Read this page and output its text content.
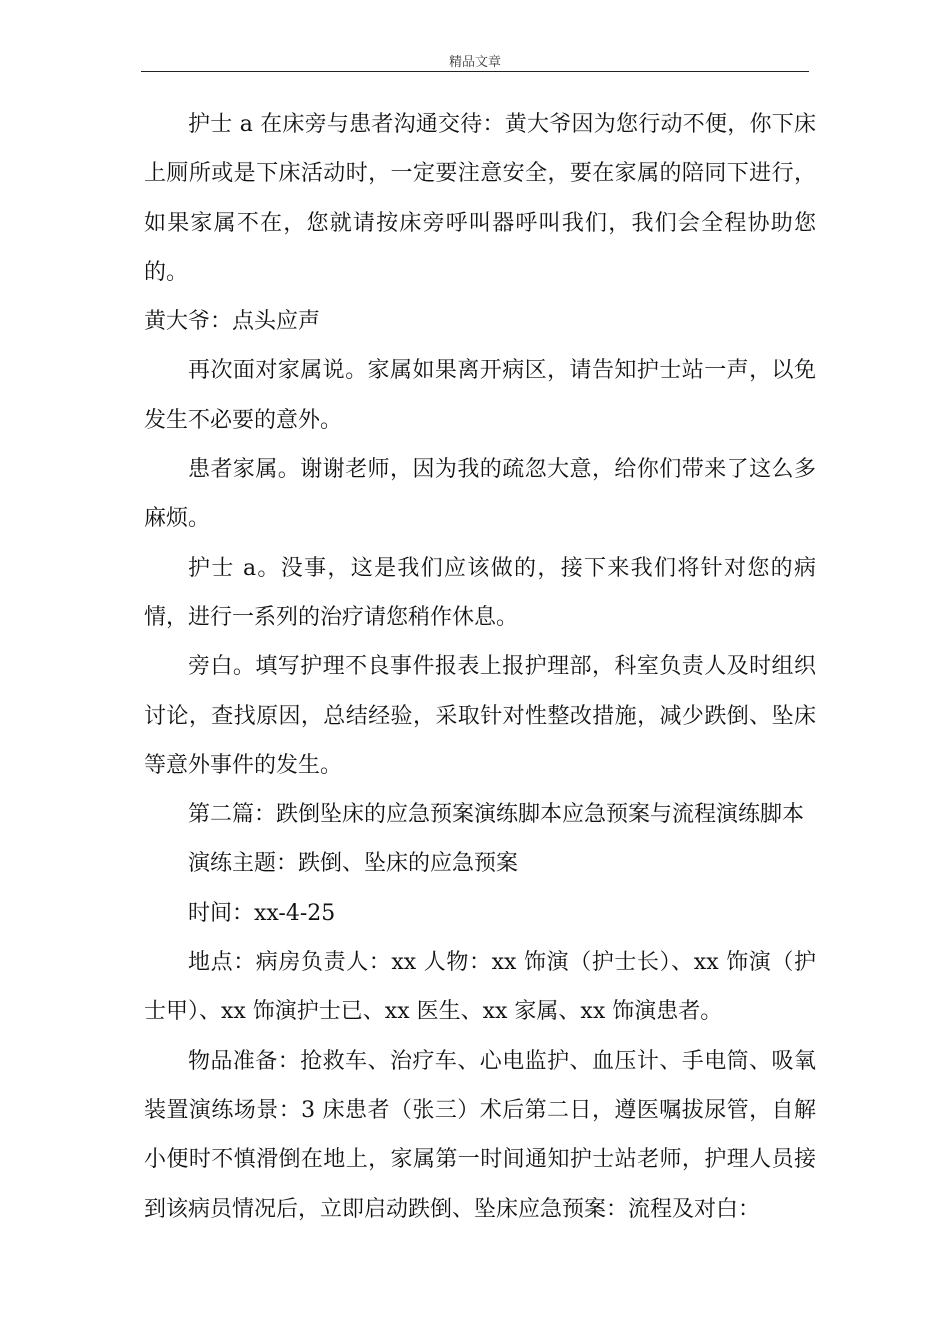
精品文章

护士 a 在床旁与患者沟通交待：黄大爷因为您行动不便，你下床上厕所或是下床活动时，一定要注意安全，要在家属的陪同下进行，如果家属不在，您就请按床旁呼叫器呼叫我们，我们会全程协助您的。

黄大爷：点头应声

再次面对家属说。家属如果离开病区，请告知护士站一声，以免发生不必要的意外。

患者家属。谢谢老师，因为我的疏忽大意，给你们带来了这么多麻烦。

护士 a。没事，这是我们应该做的，接下来我们将针对您的病情，进行一系列的治疗请您稍作休息。

旁白。填写护理不良事件报表上报护理部，科室负责人及时组织讨论，查找原因，总结经验，采取针对性整改措施，减少跌倒、坠床等意外事件的发生。

第二篇：跌倒坠床的应急预案演练脚本应急预案与流程演练脚本

演练主题：跌倒、坠床的应急预案

时间：xx-4-25

地点：病房负责人：xx 人物：xx 饰演（护士长）、xx 饰演（护士甲）、xx 饰演护士已、xx 医生、xx 家属、xx 饰演患者。

物品准备：抢救车、治疗车、心电监护、血压计、手电筒、吸氧装置演练场景：3 床患者（张三）术后第二日，遵医嘱拔尿管，自解小便时不慎滑倒在地上，家属第一时间通知护士站老师，护理人员接到该病员情况后，立即启动跌倒、坠床应急预案：流程及对白：
